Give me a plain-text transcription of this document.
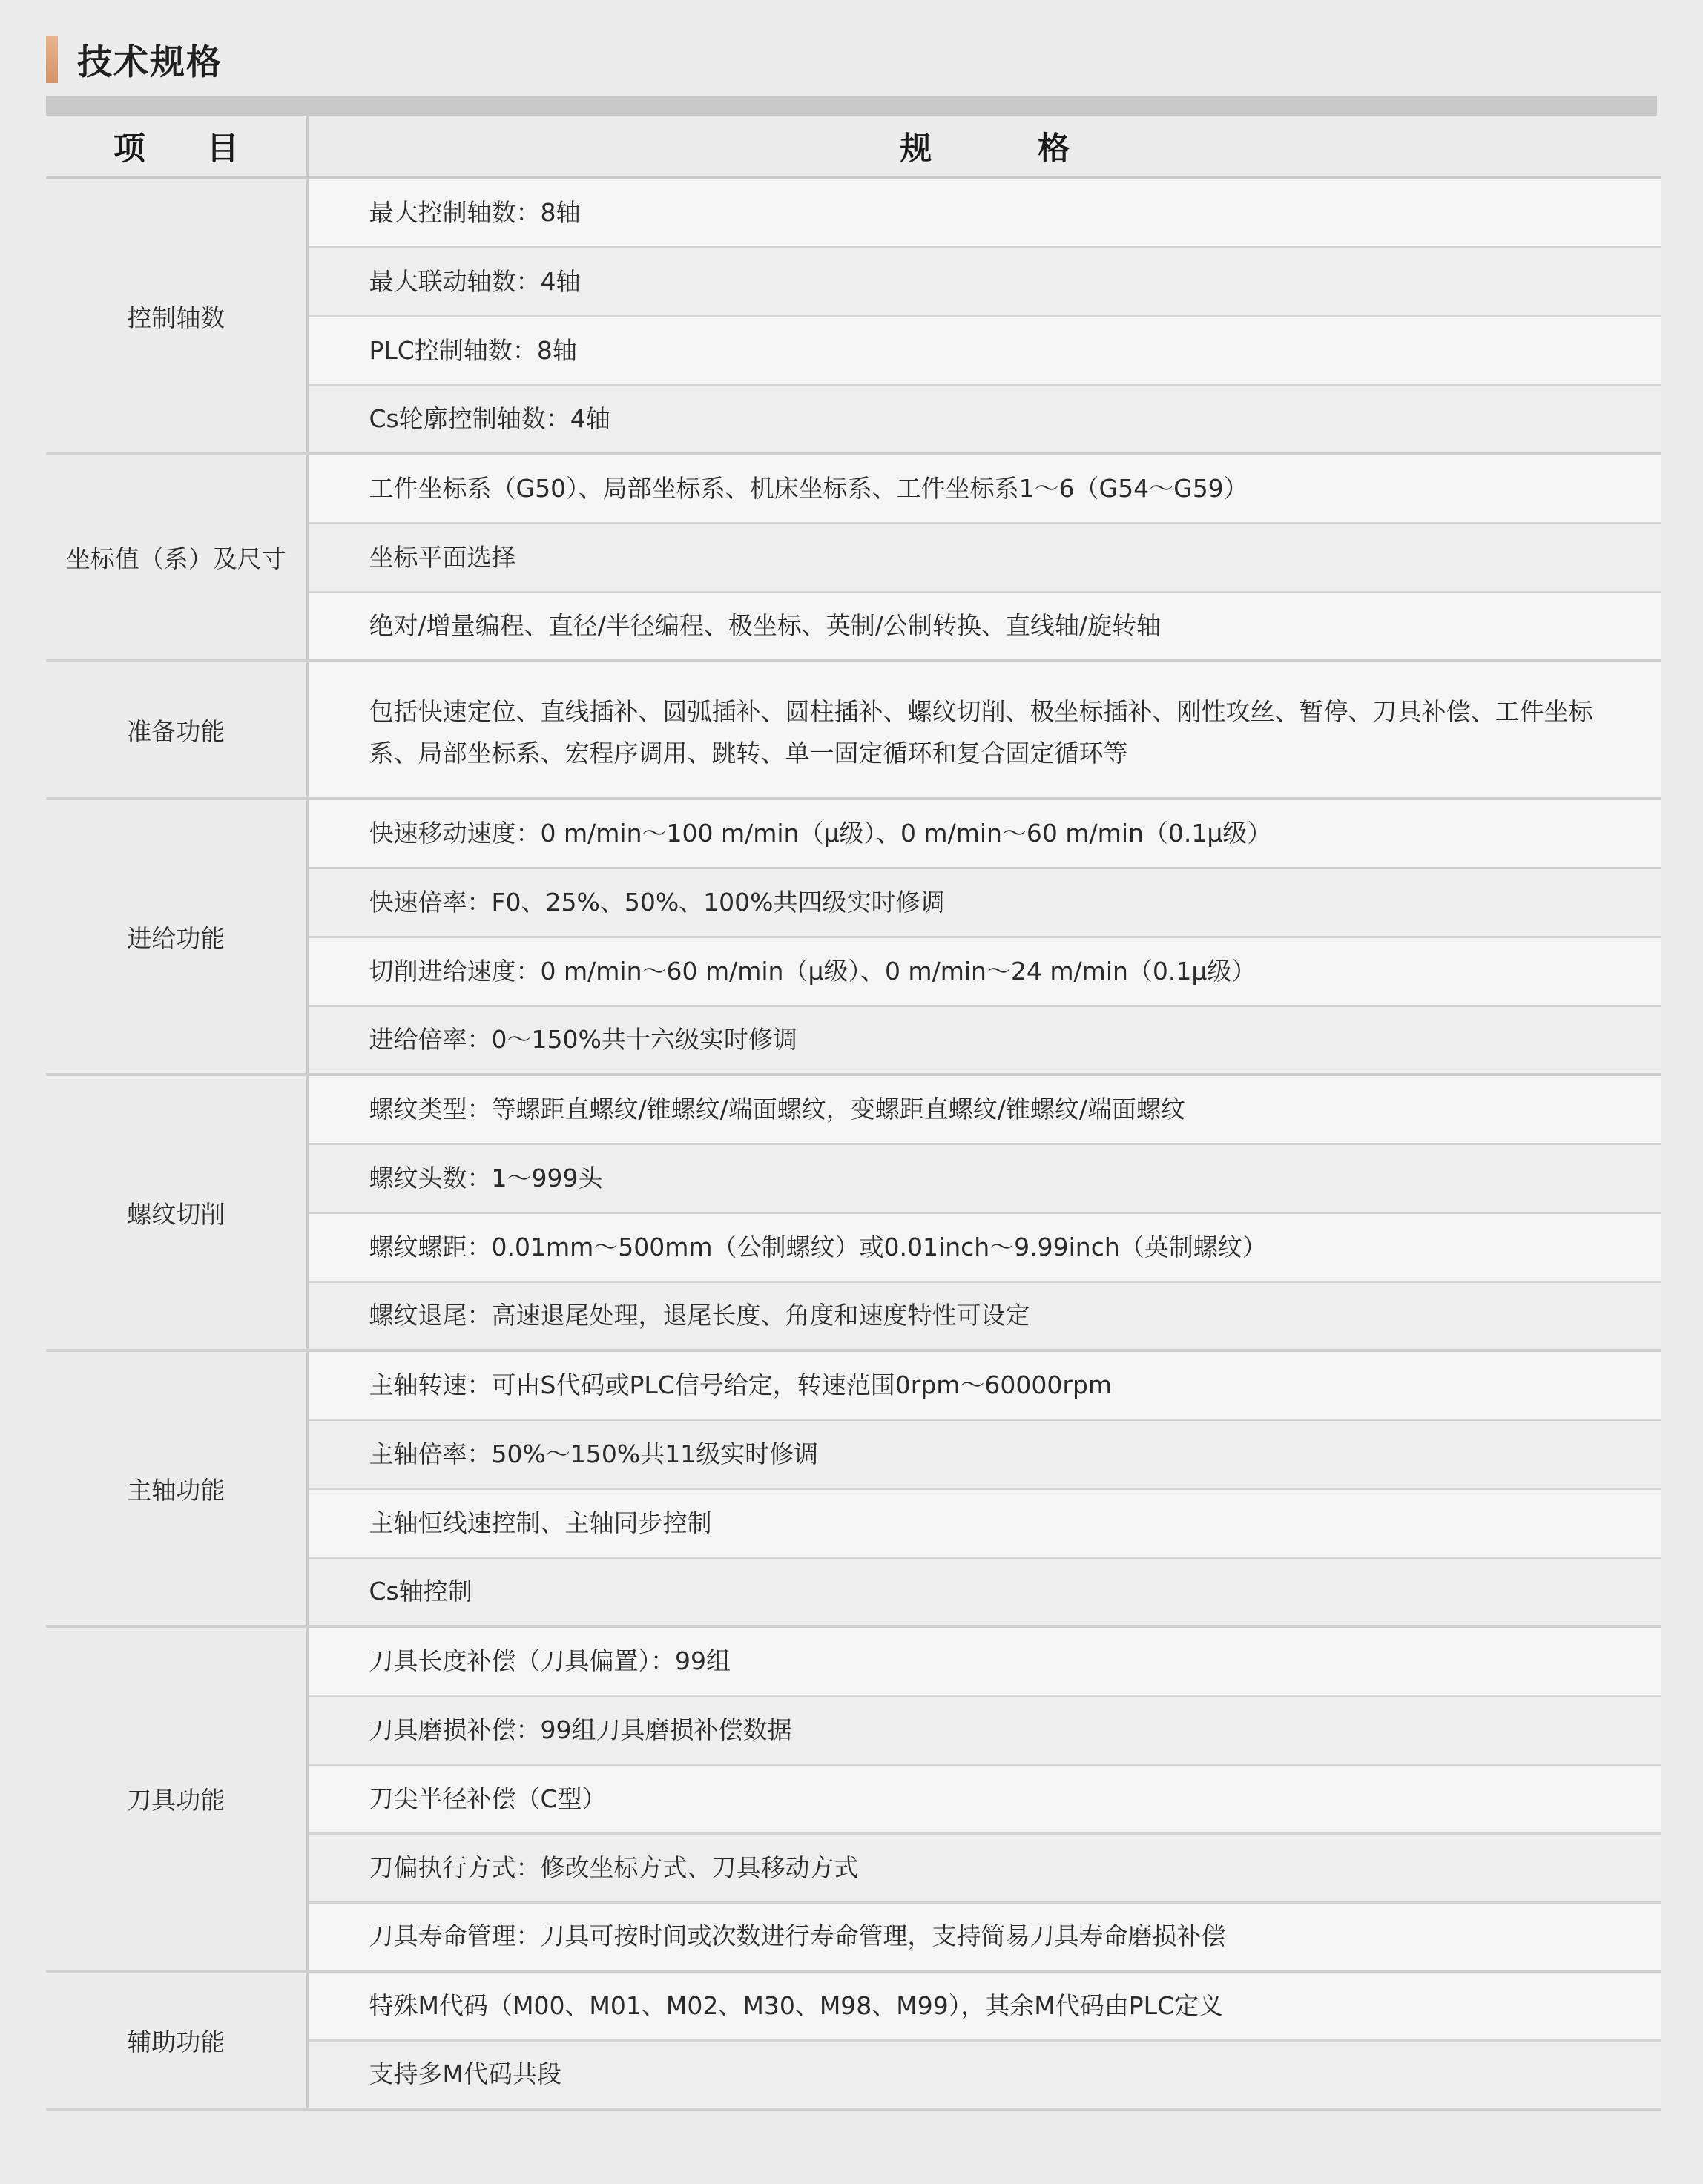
技术规格
项 目	规 格
控制轴数	最大控制轴数：8轴
	最大联动轴数：4轴
	PLC控制轴数：8轴
	Cs轮廓控制轴数：4轴
坐标值（系）及尺寸	工件坐标系（G50）、局部坐标系、机床坐标系、工件坐标系1～6（G54～G59）
	坐标平面选择
	绝对/增量编程、直径/半径编程、极坐标、英制/公制转换、直线轴/旋转轴
准备功能	包括快速定位、直线插补、圆弧插补、圆柱插补、螺纹切削、极坐标插补、刚性攻丝、暂停、刀具补偿、工件坐标系、局部坐标系、宏程序调用、跳转、单一固定循环和复合固定循环等
进给功能	快速移动速度：0 m/min～100 m/min（μ级）、0 m/min～60 m/min（0.1μ级）
	快速倍率：F0、25%、50%、100%共四级实时修调
	切削进给速度：0 m/min～60 m/min（μ级）、0 m/min～24 m/min（0.1μ级）
	进给倍率：0～150%共十六级实时修调
螺纹切削	螺纹类型：等螺距直螺纹/锥螺纹/端面螺纹，变螺距直螺纹/锥螺纹/端面螺纹
	螺纹头数：1～999头
	螺纹螺距：0.01mm～500mm（公制螺纹）或0.01inch～9.99inch（英制螺纹）
	螺纹退尾：高速退尾处理，退尾长度、角度和速度特性可设定
主轴功能	主轴转速：可由S代码或PLC信号给定，转速范围0rpm～60000rpm
	主轴倍率：50%～150%共11级实时修调
	主轴恒线速控制、主轴同步控制
	Cs轴控制
刀具功能	刀具长度补偿（刀具偏置）：99组
	刀具磨损补偿：99组刀具磨损补偿数据
	刀尖半径补偿（C型）
	刀偏执行方式：修改坐标方式、刀具移动方式
	刀具寿命管理：刀具可按时间或次数进行寿命管理，支持简易刀具寿命磨损补偿
辅助功能	特殊M代码（M00、M01、M02、M30、M98、M99），其余M代码由PLC定义
	支持多M代码共段
